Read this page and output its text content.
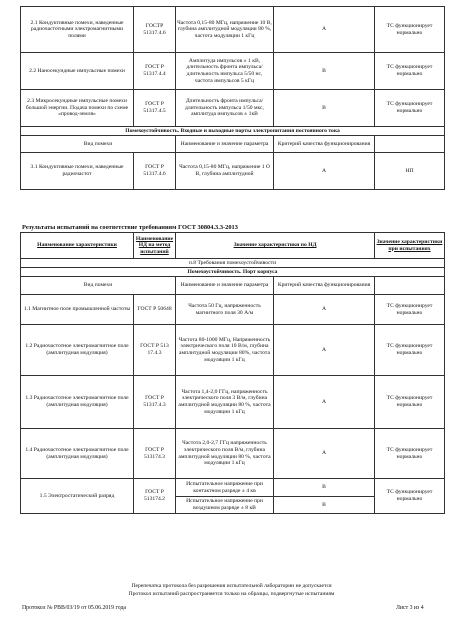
2.1 Кондуктивные помехи, наведенные радиочастотными электромагнитными полями	ГОСТР 51317.4.6	Частота 0,15-80 МГц, напряжение 10 В, глубина амплитудной модуляции 80 %, частота модуляции 1 кГц	А	ТС функционирует нормально
2.2 Наносекундные импульсные помехи	ГОСТ Р 51317.4.4	Амплитуда импульсов ± 1 кВ, длительность фронта импульса/длительность импульса 5/50 нс, частота импульсов 5 кГц	В	ТС функционирует нормально
2.3 Микросекундные импульсные помехи большой энергии. Подача помехи по схеме «провод-земля»	ГОСТ Р 51317.4.5	Длительность фронта импульса/длительность импульса 1/50 мкс, амплитуда импульсов ± 1кВ	В	ТС функционирует нормально
Помехоустойчивость. Входные и выходные порты электропитания постоянного тока				
Вид помехи		Наименование и значение параметра	Критерий качества функционирования	
3.1 Кондуктивные помехи, наведенные радиочастот	ГОСТ Р 51317.4.6	Частота 0,15-80 МГц, напряжение 1 О В, глубина амплитудной	А	НП

Результаты испытаний на соответствие требованиям ГОСТ 30804.3.3-2013

Наименование характеристики	Наименование НД на метод испытаний	Значение характеристики по НД		Значение характеристики при испытаниях
п.8 Требования помехоустойчивости				
Помехоустойчивость. Порт корпуса				
Вид помехи		Наименование и значение параметра	Критерий качества функционирования	
1.1 Магнитное поле промышленной частоты	ГОСТ Р 50648	Частота 50 Гц, напряженность магнитного поля 30 А/м	А	ТС функционирует нормально
1.2 Радиочастотное электромагнитное поле (амплитудная модуляция)	ГОСТ Р 513 17.4.3	Частота 80-1000 МГц, Напряженность электрического поля 10 В/м, глубина амплитудной модуляции 80%, частота модуляции 1 кГц	А	ТС функционирует нормально
1.3 Радиочастотное электромагнитное поле (амплитудная модуляция)	ГОСТ Р 51317.4.3	Частота 1,4-2,0 ГГц, напряженность электрического поля 3 В/м, глубина амплитудной модуляции 80 %, частота модуляции 1 кГц	А	ТС функционирует нормально
1.4 Радиочастотное электромагнитное поле (амплитудная модуляция)	ГОСТ Р 513174.3	Частота 2,0-2,7 ГГц напряженность электрического поля В/м, глубина амплитудной модуляции 80 %, частота модуляции 1 кГц	А	ТС функционирует нормально
1.5 Электростатический разряд	ГОСТ Р 513174.2	Испытательное напряжение при контактном разряде ± 4 кв	В	ТС функционирует нормально
		Испытательное напряжение при воздушном разряде ± 8 кВ	В	

Перепечатка протокола без разрешения испытательной лаборатории не допускается

Протокол испытаний распространяется только на образцы, подвергнутые испытаниям

Протокол № РВВ/03/19 от 05.06.2019 года	Лист 3 из 4
